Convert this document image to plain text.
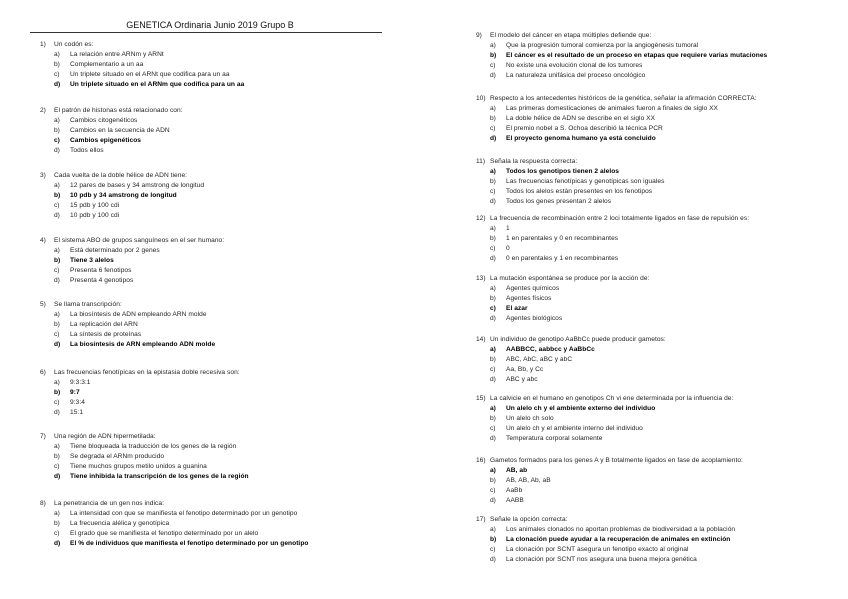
GENETICA Ordinaria Junio 2019 Grupo B
1)	Un codón es:
a)	La relación entre ARNm y ARNt
b)	Complementario a un aa
c)	Un triplete situado en el ARNt que codifica para un aa
d)	Un triplete situado en el ARNm que codifica para un aa
2)	El patrón de histonas está relacionado con:
a)	Cambios citogenéticos
b)	Cambios en la secuencia de ADN
c)	Cambios epigenéticos
d)	Todos ellos
3)	Cada vuelta de la doble hélice de ADN tiene:
a)	12 pares de bases y 34 amstrong de longitud
b)	10 pdb y 34 amstrong de longitud
c)	15 pdb y 100 cdi
d)	10 pdb y 100 cdi
4)	El sistema ABO de grupos sanguíneos en el ser humano:
a)	Está determinado por 2 genes
b)	Tiene 3 alelos
c)	Presenta 6 fenotipos
d)	Presenta 4 genotipos
5)	Se llama transcripción:
a)	La biosíntesis de ADN empleando ARN molde
b)	La replicación del ARN
c)	La síntesis de proteínas
d)	La biosíntesis de ARN empleando ADN molde
6)	Las frecuencias fenotípicas en la epistasia doble recesiva son:
a)	9:3:3:1
b)	9:7
c)	9:3:4
d)	15:1
7)	Una región de ADN hipermetilada:
a)	Tiene bloqueada la traducción de los genes de la región
b)	Se degrada el ARNm producido
c)	Tiene muchos grupos metilo unidos a guanina
d)	Tiene inhibida la transcripción de los genes de la región
8)	La penetrancia de un gen nos indica:
a)	La intensidad con que se manifiesta el fenotipo determinado por un genotipo
b)	La frecuencia alélica y genotípica
c)	El grado que se manifiesta el fenotipo determinado por un alelo
d)	El % de individuos que manifiesta el fenotipo determinado por un genotipo
9)	El modelo del cáncer en etapa múltiples defiende que:
a)	Que la progresión tumoral comienza por la angiogénesis tumoral
b)	El cáncer es el resultado de un proceso en etapas que requiere varias mutaciones
c)	No existe una evolución clonal de los tumores
d)	La naturaleza unifásica del proceso oncológico
10) Respecto a los antecedentes históricos de la genética, señalar la afirmación CORRECTA:
a)	Las primeras domesticaciones de animales fueron a finales de siglo XX
b)	La doble hélice de ADN se describe en el siglo XX
c)	El premio nobel a S. Ochoa describió la técnica PCR
d)	El proyecto genoma humano ya está concluido
11) Señala la respuesta correcta:
a)	Todos los genotipos tienen 2 alelos
b)	Las frecuencias fenotípicas y genotípicas son iguales
c)	Todos los alelos están presentes en los fenotipos
d)	Todos los genes presentan 2 alelos
12) La frecuencia de recombinación entre 2 loci totalmente ligados en fase de repulsión es:
a)	1
b)	1 en parentales y 0 en recombinantes
c)	0
d)	0 en parentales y 1 en recombinantes
13) La mutación espontánea se produce por la acción de:
a)	Agentes químicos
b)	Agentes físicos
c)	El azar
d)	Agentes biológicos
14) Un individuo de genotipo AaBbCc puede producir gametos:
a)	AABBCC, aabbcc y AaBbCc
b)	ABC, AbC, aBC y abC
c)	Aa, Bb, y Cc
d)	ABC y abc
15) La calvicie en el humano en genotipos Ch vi ene determinada por la influencia de:
a)	Un alelo ch y el ambiente externo del individuo
b)	Un alelo ch solo
c)	Un alelo ch y el ambiente interno del individuo
d)	Temperatura corporal solamente
16) Gametos formados para los genes A y B totalmente ligados en fase de acoplamiento:
a)	AB, ab
b)	AB, AB, Ab, aB
c)	AaBb
d)	AABB
17) Señale la opción correcta:
a)	Los animales clonados no aportan problemas de biodiversidad a la población
b)	La clonación puede ayudar a la recuperación de animales en extinción
c)	La clonación por SCNT asegura un fenotipo exacto al original
d)	La clonación por SCNT nos asegura una buena mejora genética
